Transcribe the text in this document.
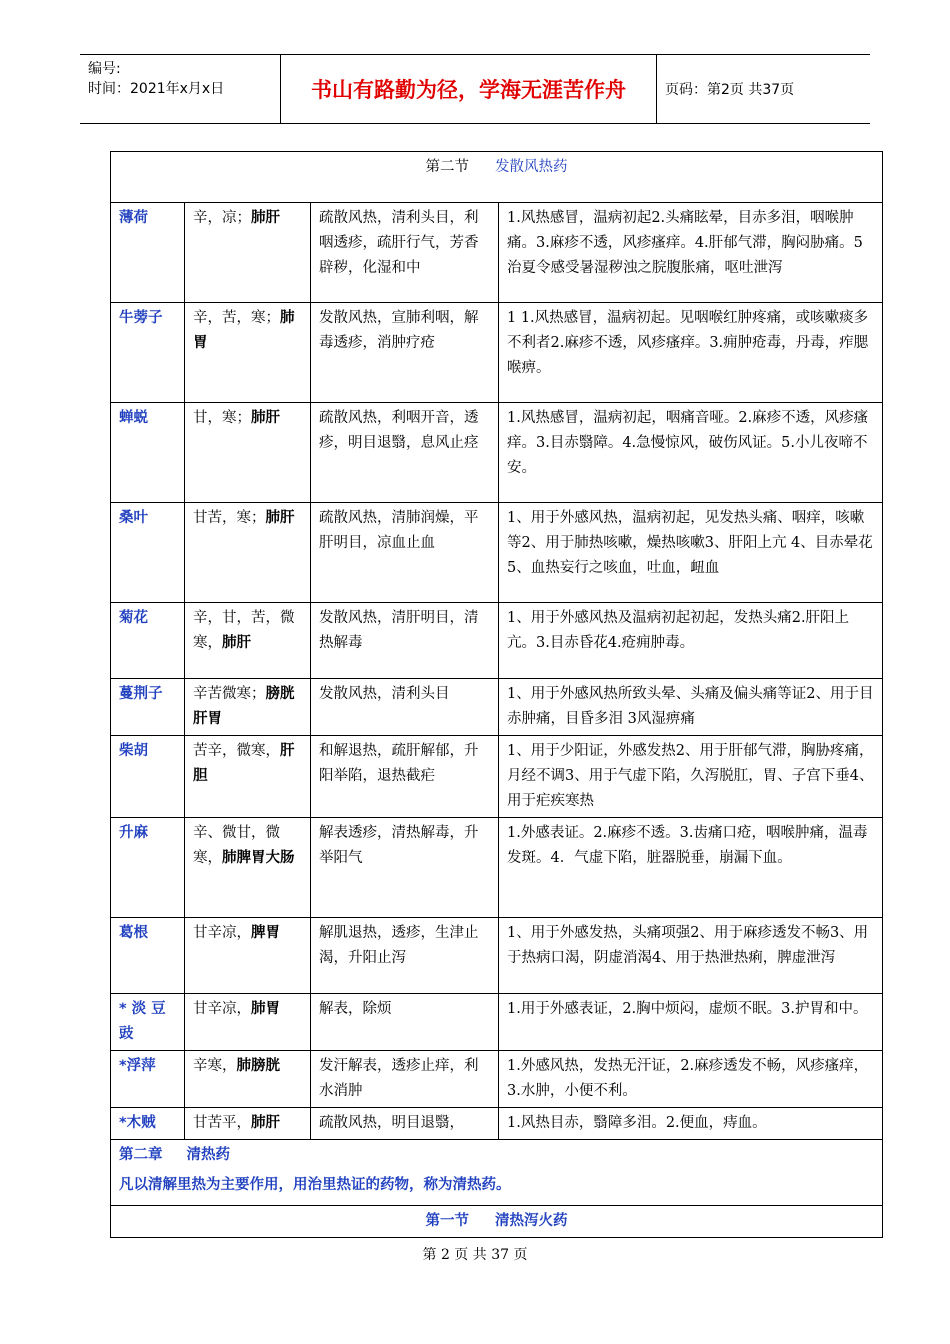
编号:
时间：2021年x月x日	书山有路勤为径，学海无涯苦作舟	页码：第2页 共37页
第二节 发散风热药			
薄荷	辛，凉；肺肝	疏散风热，清利头目，利咽透疹，疏肝行气，芳香辟秽，化湿和中	1.风热感冒，温病初起2.头痛眩晕，目赤多泪，咽喉肿痛。3.麻疹不透，风疹瘙痒。4.肝郁气滞，胸闷胁痛。5治夏令感受暑湿秽浊之脘腹胀痛，呕吐泄泻
牛蒡子	辛，苦，寒；肺胃	发散风热，宣肺利咽，解毒透疹，消肿疗疮	1 1.风热感冒，温病初起。见咽喉红肿疼痛，或咳嗽痰多不利者2.麻疹不透，风疹瘙痒。3.痈肿疮毒，丹毒，痄腮喉痹。
蝉蜕	甘，寒；肺肝	疏散风热，利咽开音，透疹，明目退翳，息风止痉	1.风热感冒，温病初起，咽痛音哑。2.麻疹不透，风疹瘙痒。3.目赤翳障。4.急慢惊风，破伤风证。5.小儿夜啼不安。
桑叶	甘苦，寒；肺肝	疏散风热，清肺润燥，平肝明目，凉血止血	1、用于外感风热，温病初起，见发热头痛、咽痒，咳嗽等2、用于肺热咳嗽，燥热咳嗽3、肝阳上亢 4、目赤晕花 5、血热妄行之咳血，吐血，衄血
菊花	辛，甘，苦，微寒，肺肝	发散风热，清肝明目，清热解毒	1、用于外感风热及温病初起初起，发热头痛2.肝阳上亢。3.目赤昏花4.疮痈肿毒。
蔓荆子	辛苦微寒；膀胱肝胃	发散风热，清利头目	1、用于外感风热所致头晕、头痛及偏头痛等证2、用于目赤肿痛，目昏多泪 3风湿痹痛
柴胡	苦辛，微寒，肝胆	和解退热，疏肝解郁，升阳举陷，退热截疟	1、用于少阳证，外感发热2、用于肝郁气滞，胸胁疼痛，月经不调3、用于气虚下陷，久泻脱肛，胃、子宫下垂4、用于疟疾寒热
升麻	辛、微甘，微寒，肺脾胃大肠	解表透疹，清热解毒，升举阳气	1.外感表证。2.麻疹不透。3.齿痛口疮，咽喉肿痛，温毒发斑。4．气虚下陷，脏器脱垂，崩漏下血。
葛根	甘辛凉，脾胃	解肌退热，透疹，生津止渴，升阳止泻	1、用于外感发热，头痛项强2、用于麻疹透发不畅3、用于热病口渴，阴虚消渴4、用于热泄热痢，脾虚泄泻
* 淡 豆豉	甘辛凉，肺胃	解表，除烦	1.用于外感表证，2.胸中烦闷，虚烦不眠。3.护胃和中。
*浮萍	辛寒，肺膀胱	发汗解表，透疹止痒，利水消肿	1.外感风热，发热无汗证，2.麻疹透发不畅，风疹瘙痒，3.水肿，小便不利。
*木贼	甘苦平，肺肝	疏散风热，明目退翳，	1.风热目赤，翳障多泪。2.便血，痔血。

第二章 清热药
凡以清解里热为主要作用，用治里热证的药物，称为清热药。			

第一节 清热泻火药			
第 2 页 共 37 页
